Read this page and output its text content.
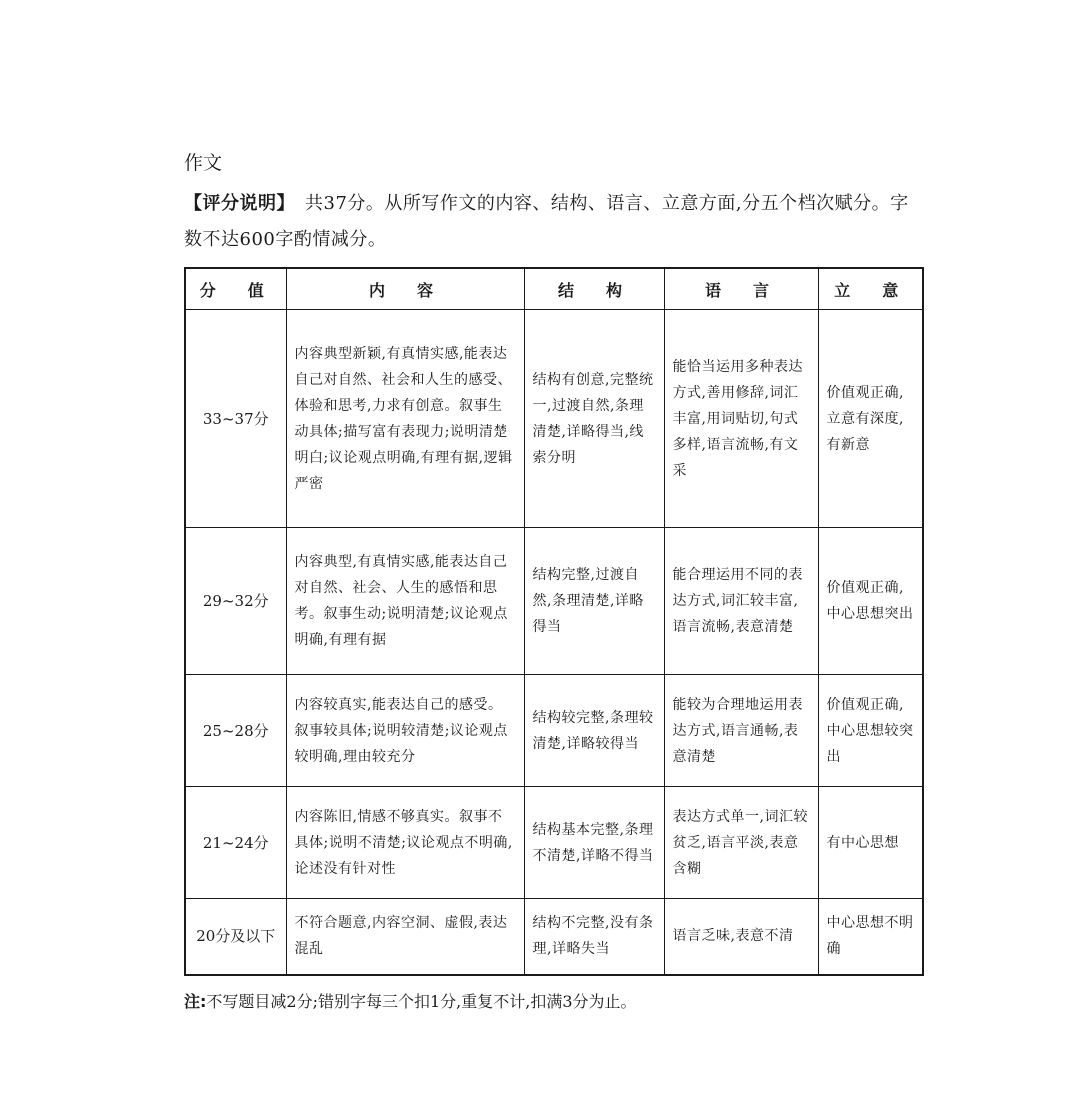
作文
【评分说明】 共37分。从所写作文的内容、结构、语言、立意方面,分五个档次赋分。字数不达600字酌情减分。
分　值	内　容	结　构	语　言	立　意
33~37分	内容典型新颖,有真情实感,能表达自己对自然、社会和人生的感受、体验和思考,力求有创意。叙事生动具体;描写富有表现力;说明清楚明白;议论观点明确,有理有据,逻辑严密	结构有创意,完整统一,过渡自然,条理清楚,详略得当,线索分明	能恰当运用多种表达方式,善用修辞,词汇丰富,用词贴切,句式多样,语言流畅,有文采	价值观正确,立意有深度,有新意
29~32分	内容典型,有真情实感,能表达自己对自然、社会、人生的感悟和思考。叙事生动;说明清楚;议论观点明确,有理有据	结构完整,过渡自然,条理清楚,详略得当	能合理运用不同的表达方式,词汇较丰富,语言流畅,表意清楚	价值观正确,中心思想突出
25~28分	内容较真实,能表达自己的感受。叙事较具体;说明较清楚;议论观点较明确,理由较充分	结构较完整,条理较清楚,详略较得当	能较为合理地运用表达方式,语言通畅,表意清楚	价值观正确,中心思想较突出
21~24分	内容陈旧,情感不够真实。叙事不具体;说明不清楚;议论观点不明确,论述没有针对性	结构基本完整,条理不清楚,详略不得当	表达方式单一,词汇较贫乏,语言平淡,表意含糊	有中心思想
20分及以下	不符合题意,内容空洞、虚假,表达混乱	结构不完整,没有条理,详略失当	语言乏味,表意不清	中心思想不明确
注:不写题目减2分;错别字每三个扣1分,重复不计,扣满3分为止。
